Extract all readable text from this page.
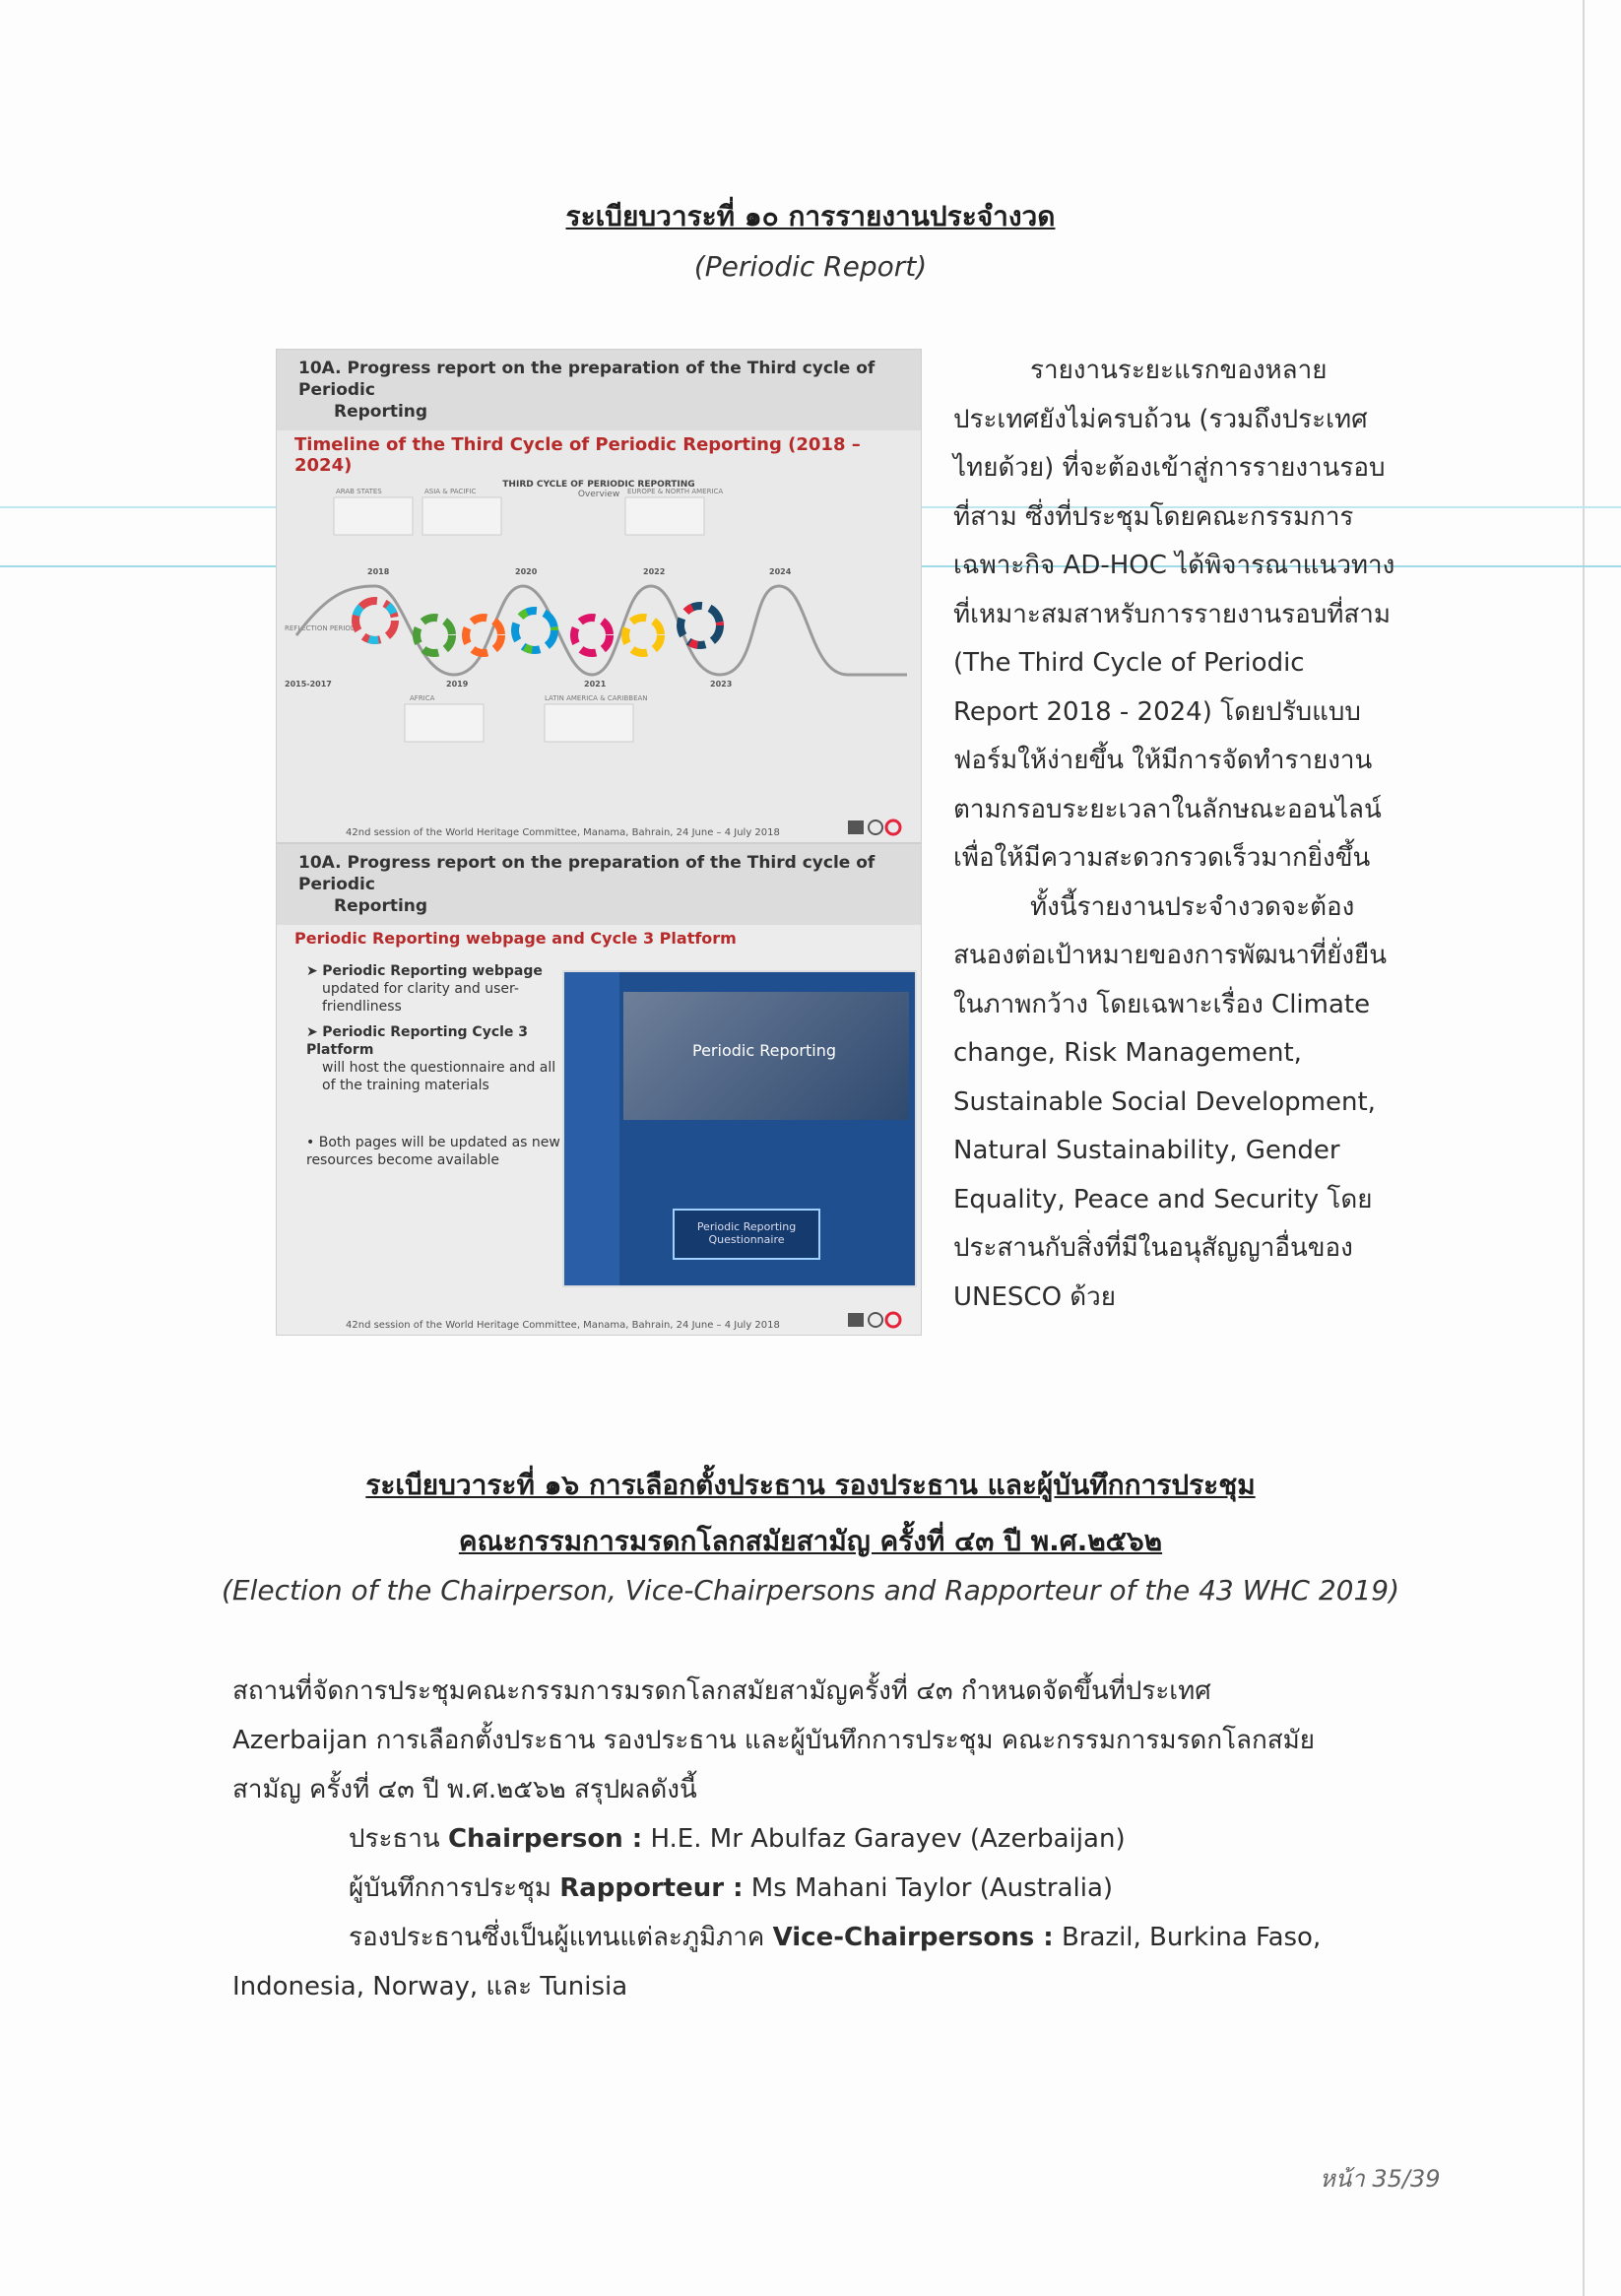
ระเบียบวาระที่ ๑๐ การรายงานประจำงวด
(Periodic Report)
10A. Progress report on the preparation of the Third cycle of Periodic
Reporting
Timeline of the Third Cycle of Periodic Reporting (2018 – 2024)
THIRD CYCLE OF PERIODIC REPORTING
Overview
ARAB STATES	ASIA & PACIFIC	EUROPE & NORTH AMERICA
AFRICA	LATIN AMERICA & CARIBBEAN
REFLECTION PERIOD
2018	2020	2022	2024
2015-2017	2019	2021	2023
42nd session of the World Heritage Committee, Manama, Bahrain, 24 June – 4 July 2018
10A. Progress report on the preparation of the Third cycle of Periodic
Reporting
Periodic Reporting webpage and Cycle 3 Platform
➤ Periodic Reporting webpage
updated for clarity and user-friendliness
➤ Periodic Reporting Cycle 3 Platform
will host the questionnaire and all of the training materials
• Both pages will be updated as new resources become available
Periodic Reporting
Periodic Reporting
Questionnaire
42nd session of the World Heritage Committee, Manama, Bahrain, 24 June – 4 July 2018
รายงานระยะแรกของหลาย
ประเทศยังไม่ครบถ้วน (รวมถึงประเทศ
ไทยด้วย) ที่จะต้องเข้าสู่การรายงานรอบ
ที่สาม ซึ่งที่ประชุมโดยคณะกรรมการ
เฉพาะกิจ AD-HOC ได้พิจารณาแนวทาง
ที่เหมาะสมสาหรับการรายงานรอบที่สาม
(The Third Cycle of Periodic
Report 2018 - 2024) โดยปรับแบบ
ฟอร์มให้ง่ายขึ้น ให้มีการจัดทำรายงาน
ตามกรอบระยะเวลาในลักษณะออนไลน์
เพื่อให้มีความสะดวกรวดเร็วมากยิ่งขึ้น
ทั้งนี้รายงานประจำงวดจะต้อง
สนองต่อเป้าหมายของการพัฒนาที่ยั่งยืน
ในภาพกว้าง โดยเฉพาะเรื่อง Climate
change, Risk Management,
Sustainable Social Development,
Natural Sustainability, Gender
Equality, Peace and Security โดย
ประสานกับสิ่งที่มีในอนุสัญญาอื่นของ
UNESCO ด้วย
ระเบียบวาระที่ ๑๖ การเลือกตั้งประธาน รองประธาน และผู้บันทึกการประชุม
คณะกรรมการมรดกโลกสมัยสามัญ ครั้งที่ ๔๓ ปี พ.ศ.๒๕๖๒
(Election of the Chairperson, Vice-Chairpersons and Rapporteur of the 43 WHC 2019)
สถานที่จัดการประชุมคณะกรรมการมรดกโลกสมัยสามัญครั้งที่ ๔๓ กำหนดจัดขึ้นที่ประเทศ
Azerbaijan การเลือกตั้งประธาน รองประธาน และผู้บันทึกการประชุม คณะกรรมการมรดกโลกสมัย
สามัญ ครั้งที่ ๔๓ ปี พ.ศ.๒๕๖๒ สรุปผลดังนี้
ประธาน Chairperson : H.E. Mr Abulfaz Garayev (Azerbaijan)
ผู้บันทึกการประชุม Rapporteur : Ms Mahani Taylor (Australia)
รองประธานซึ่งเป็นผู้แทนแต่ละภูมิภาค Vice-Chairpersons : Brazil, Burkina Faso,
Indonesia, Norway, และ Tunisia
หน้า 35/39
